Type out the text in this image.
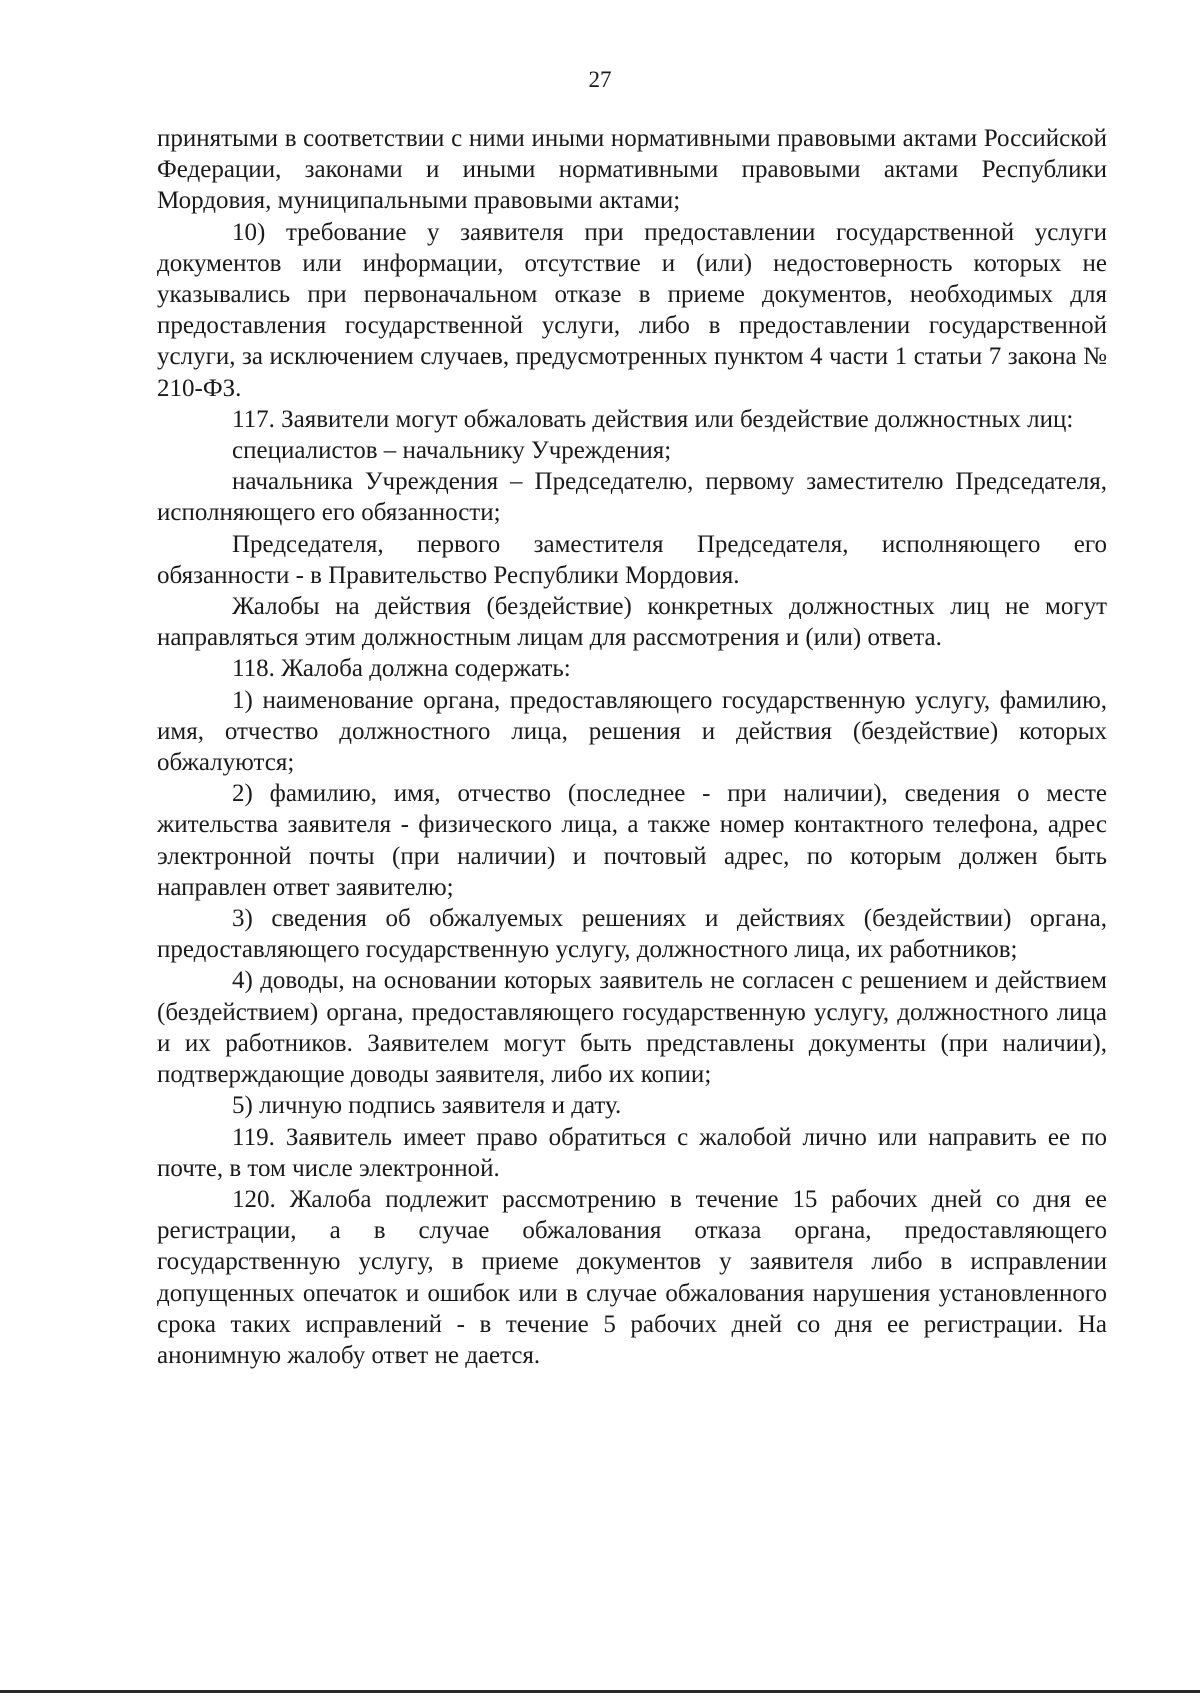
27

принятыми в соответствии с ними иными нормативными правовыми актами Российской Федерации, законами и иными нормативными правовыми актами Республики Мордовия, муниципальными правовыми актами;

10) требование у заявителя при предоставлении государственной услуги документов или информации, отсутствие и (или) недостоверность которых не указывались при первоначальном отказе в приеме документов, необходимых для предоставления государственной услуги, либо в предоставлении государственной услуги, за исключением случаев, предусмотренных пунктом 4 части 1 статьи 7 закона № 210-ФЗ.

117. Заявители могут обжаловать действия или бездействие должностных лиц:

специалистов – начальнику Учреждения;

начальника Учреждения – Председателю, первому заместителю Председателя, исполняющего его обязанности;

Председателя, первого заместителя Председателя, исполняющего его обязанности - в Правительство Республики Мордовия.

Жалобы на действия (бездействие) конкретных должностных лиц не могут направляться этим должностным лицам для рассмотрения и (или) ответа.

118. Жалоба должна содержать:

1) наименование органа, предоставляющего государственную услугу, фамилию, имя, отчество должностного лица, решения и действия (бездействие) которых обжалуются;

2) фамилию, имя, отчество (последнее - при наличии), сведения о месте жительства заявителя - физического лица, а также номер контактного телефона, адрес электронной почты (при наличии) и почтовый адрес, по которым должен быть направлен ответ заявителю;

3) сведения об обжалуемых решениях и действиях (бездействии) органа, предоставляющего государственную услугу, должностного лица, их работников;

4) доводы, на основании которых заявитель не согласен с решением и действием (бездействием) органа, предоставляющего государственную услугу, должностного лица и их работников. Заявителем могут быть представлены документы (при наличии), подтверждающие доводы заявителя, либо их копии;

5) личную подпись заявителя и дату.

119. Заявитель имеет право обратиться с жалобой лично или направить ее по почте, в том числе электронной.

120. Жалоба подлежит рассмотрению в течение 15 рабочих дней со дня ее регистрации, а в случае обжалования отказа органа, предоставляющего государственную услугу, в приеме документов у заявителя либо в исправлении допущенных опечаток и ошибок или в случае обжалования нарушения установленного срока таких исправлений - в течение 5 рабочих дней со дня ее регистрации. На анонимную жалобу ответ не дается.
